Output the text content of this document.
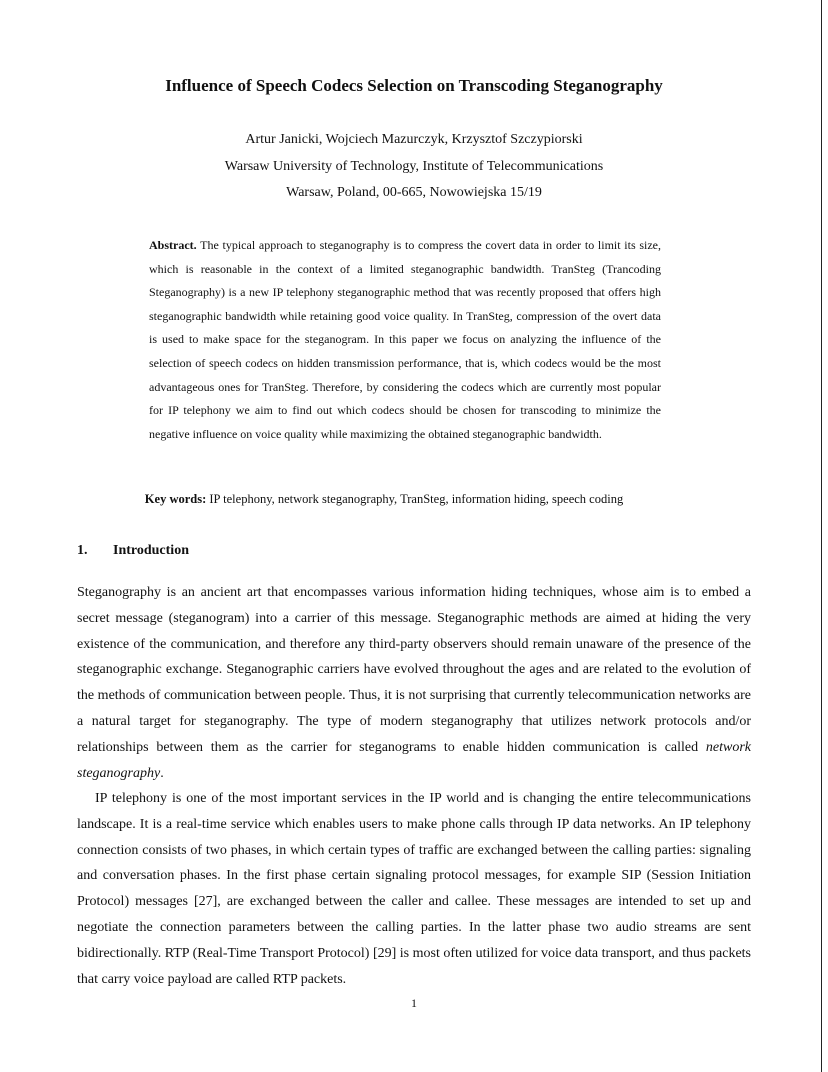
Influence of Speech Codecs Selection on Transcoding Steganography

Artur Janicki, Wojciech Mazurczyk, Krzysztof Szczypiorski

Warsaw University of Technology, Institute of Telecommunications

Warsaw, Poland, 00-665, Nowowiejska 15/19

Abstract. The typical approach to steganography is to compress the covert data in order to limit its size, which is reasonable in the context of a limited steganographic bandwidth. TranSteg (Trancoding Steganography) is a new IP telephony steganographic method that was recently proposed that offers high steganographic bandwidth while retaining good voice quality. In TranSteg, compression of the overt data is used to make space for the steganogram. In this paper we focus on analyzing the influence of the selection of speech codecs on hidden transmission performance, that is, which codecs would be the most advantageous ones for TranSteg. Therefore, by considering the codecs which are currently most popular for IP telephony we aim to find out which codecs should be chosen for transcoding to minimize the negative influence on voice quality while maximizing the obtained steganographic bandwidth.

Key words: IP telephony, network steganography, TranSteg, information hiding, speech coding

1. Introduction

Steganography is an ancient art that encompasses various information hiding techniques, whose aim is to embed a secret message (steganogram) into a carrier of this message. Steganographic methods are aimed at hiding the very existence of the communication, and therefore any third-party observers should remain unaware of the presence of the steganographic exchange. Steganographic carriers have evolved throughout the ages and are related to the evolution of the methods of communication between people. Thus, it is not surprising that currently telecommunication networks are a natural target for steganography. The type of modern steganography that utilizes network protocols and/or relationships between them as the carrier for steganograms to enable hidden communication is called network steganography.

IP telephony is one of the most important services in the IP world and is changing the entire telecommunications landscape. It is a real-time service which enables users to make phone calls through IP data networks. An IP telephony connection consists of two phases, in which certain types of traffic are exchanged between the calling parties: signaling and conversation phases. In the first phase certain signaling protocol messages, for example SIP (Session Initiation Protocol) messages [27], are exchanged between the caller and callee. These messages are intended to set up and negotiate the connection parameters between the calling parties. In the latter phase two audio streams are sent bidirectionally. RTP (Real-Time Transport Protocol) [29] is most often utilized for voice data transport, and thus packets that carry voice payload are called RTP packets.

1
